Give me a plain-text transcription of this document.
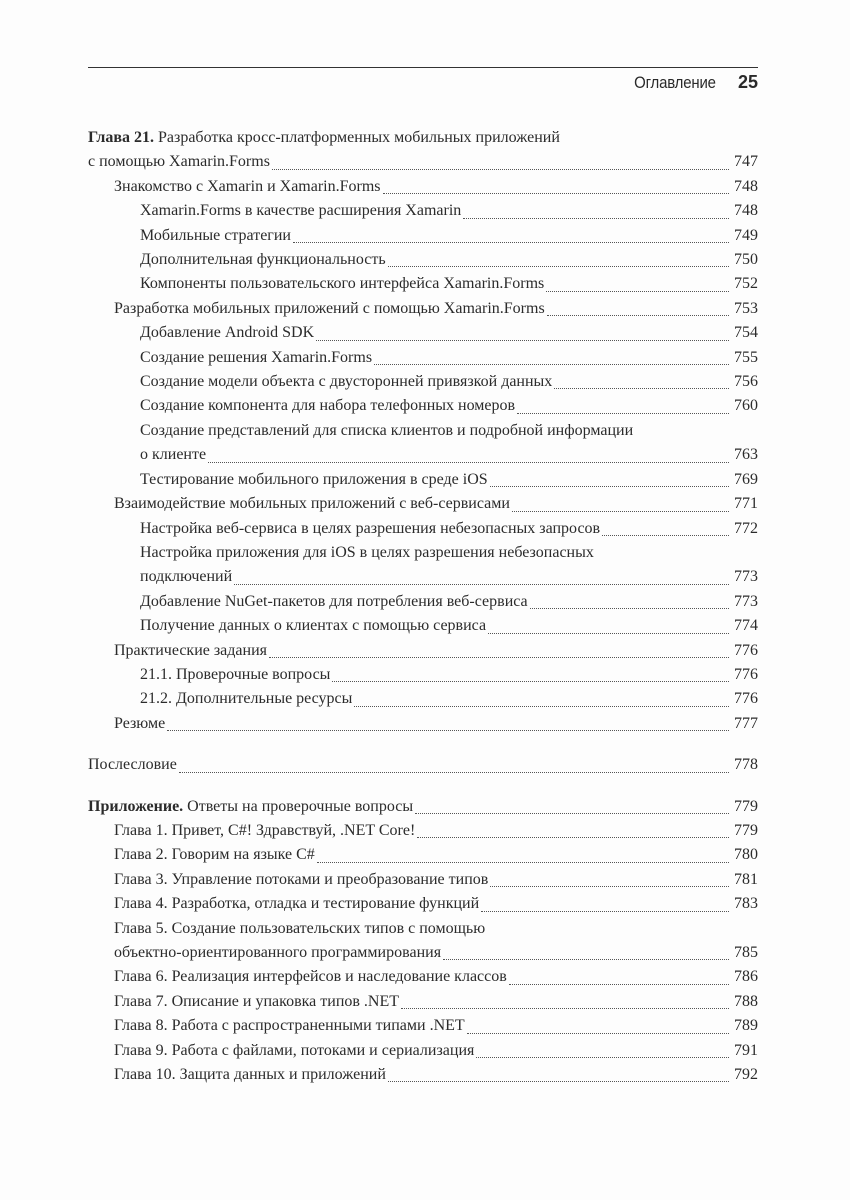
Оглавление 25
Глава 21. Разработка кросс-платформенных мобильных приложений
с помощью Xamarin.Forms	747
Знакомство с Xamarin и Xamarin.Forms	748
Xamarin.Forms в качестве расширения Xamarin	748
Мобильные стратегии	749
Дополнительная функциональность	750
Компоненты пользовательского интерфейса Xamarin.Forms	752
Разработка мобильных приложений с помощью Xamarin.Forms	753
Добавление Android SDK	754
Создание решения Xamarin.Forms	755
Создание модели объекта с двусторонней привязкой данных	756
Создание компонента для набора телефонных номеров	760
Создание представлений для списка клиентов и подробной информации
о клиенте	763
Тестирование мобильного приложения в среде iOS	769
Взаимодействие мобильных приложений с веб-сервисами	771
Настройка веб-сервиса в целях разрешения небезопасных запросов	772
Настройка приложения для iOS в целях разрешения небезопасных
подключений	773
Добавление NuGet-пакетов для потребления веб-сервиса	773
Получение данных о клиентах с помощью сервиса	774
Практические задания	776
21.1. Проверочные вопросы	776
21.2. Дополнительные ресурсы	776
Резюме	777
Послесловие	778
Приложение. Ответы на проверочные вопросы	779
Глава 1. Привет, C#! Здравствуй, .NET Core!	779
Глава 2. Говорим на языке C#	780
Глава 3. Управление потоками и преобразование типов	781
Глава 4. Разработка, отладка и тестирование функций	783
Глава 5. Создание пользовательских типов с помощью
объектно-ориентированного программирования	785
Глава 6. Реализация интерфейсов и наследование классов	786
Глава 7. Описание и упаковка типов .NET	788
Глава 8. Работа с распространенными типами .NET	789
Глава 9. Работа с файлами, потоками и сериализация	791
Глава 10. Защита данных и приложений	792
